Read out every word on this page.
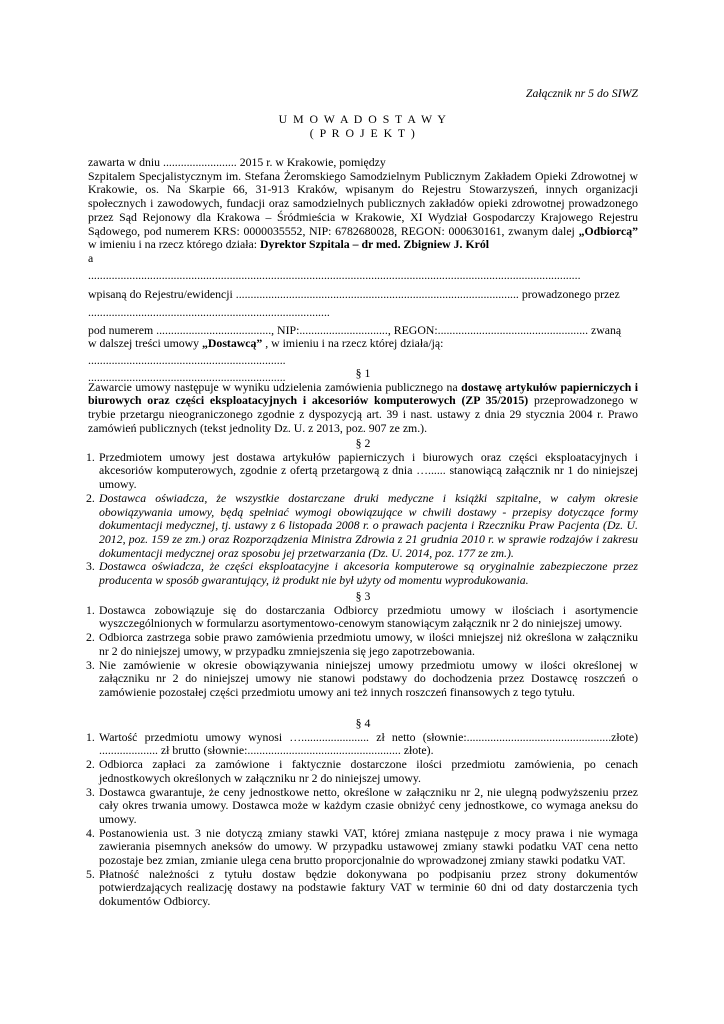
Załącznik nr 5 do SIWZ
U M O W A D O S T A W Y
( P R O J E K T )

zawarta w dniu ......................... 2015 r. w Krakowie, pomiędzy

Szpitalem Specjalistycznym im. Stefana Żeromskiego Samodzielnym Publicznym Zakładem Opieki Zdrowotnej w Krakowie, os. Na Skarpie 66, 31-913 Kraków, wpisanym do Rejestru Stowarzyszeń, innych organizacji społecznych i zawodowych, fundacji oraz samodzielnych publicznych zakładów opieki zdrowotnej prowadzonego przez Sąd Rejonowy dla Krakowa – Śródmieścia w Krakowie, XI Wydział Gospodarczy Krajowego Rejestru Sądowego, pod numerem KRS: 0000035552, NIP: 6782680028, REGON: 000630161, zwanym dalej „Odbiorcą” w imieniu i na rzecz którego działa: Dyrektor Szpitala – dr med. Zbigniew J. Król

a

.......................................................................................................................................................................

wpisaną do Rejestru/ewidencji ................................................................................................ prowadzonego przez

..................................................................................

pod numerem ......................................., NIP:.............................., REGON:................................................... zwaną

w dalszej treści umowy „Dostawcą” , w imieniu i na rzecz której działa/ją:

...................................................................

...................................................................	§ 1

Zawarcie umowy następuje w wyniku udzielenia zamówienia publicznego na dostawę artykułów papierniczych i biurowych oraz części eksploatacyjnych i akcesoriów komputerowych (ZP 35/2015) przeprowadzonego w trybie przetargu nieograniczonego zgodnie z dyspozycją art. 39 i nast. ustawy z dnia 29 stycznia 2004 r. Prawo zamówień publicznych (tekst jednolity Dz. U. z 2013, poz. 907 ze zm.).

§ 2

1. Przedmiotem umowy jest dostawa artykułów papierniczych i biurowych oraz części eksploatacyjnych i akcesoriów komputerowych, zgodnie z ofertą przetargową z dnia …...... stanowiącą załącznik nr 1 do niniejszej umowy.
2. Dostawca oświadcza, że wszystkie dostarczane druki medyczne i książki szpitalne, w całym okresie obowiązywania umowy, będą spełniać wymogi obowiązujące w chwili dostawy - przepisy dotyczące formy dokumentacji medycznej, tj. ustawy z 6 listopada 2008 r. o prawach pacjenta i Rzeczniku Praw Pacjenta (Dz. U. 2012, poz. 159 ze zm.) oraz Rozporządzenia Ministra Zdrowia z 21 grudnia 2010 r. w sprawie rodzajów i zakresu dokumentacji medycznej oraz sposobu jej przetwarzania (Dz. U. 2014, poz. 177 ze zm.).
3. Dostawca oświadcza, że części eksploatacyjne i akcesoria komputerowe są oryginalnie zabezpieczone przez producenta w sposób gwarantujący, iż produkt nie był użyty od momentu wyprodukowania.

§ 3

1. Dostawca zobowiązuje się do dostarczania Odbiorcy przedmiotu umowy w ilościach i asortymencie wyszczególnionych w formularzu asortymentowo-cenowym stanowiącym załącznik nr 2 do niniejszej umowy.
2. Odbiorca zastrzega sobie prawo zamówienia przedmiotu umowy, w ilości mniejszej niż określona w załączniku nr 2 do niniejszej umowy, w przypadku zmniejszenia się jego zapotrzebowania.
3. Nie zamówienie w okresie obowiązywania niniejszej umowy przedmiotu umowy w ilości określonej w załączniku nr 2 do niniejszej umowy nie stanowi podstawy do dochodzenia przez Dostawcę roszczeń o zamówienie pozostałej części przedmiotu umowy ani też innych roszczeń finansowych z tego tytułu.

§ 4

1. Wartość przedmiotu umowy wynosi …....................... zł netto (słownie:.................................................złote) .................... zł brutto (słownie:.................................................... złote).
2. Odbiorca zapłaci za zamówione i faktycznie dostarczone ilości przedmiotu zamówienia, po cenach jednostkowych określonych w załączniku nr 2 do niniejszej umowy.
3. Dostawca gwarantuje, że ceny jednostkowe netto, określone w załączniku nr 2, nie ulegną podwyższeniu przez cały okres trwania umowy. Dostawca może w każdym czasie obniżyć ceny jednostkowe, co wymaga aneksu do umowy.
4. Postanowienia ust. 3 nie dotyczą zmiany stawki VAT, której zmiana następuje z mocy prawa i nie wymaga zawierania pisemnych aneksów do umowy. W przypadku ustawowej zmiany stawki podatku VAT cena netto pozostaje bez zmian, zmianie ulega cena brutto proporcjonalnie do wprowadzonej zmiany stawki podatku VAT.
5. Płatność należności z tytułu dostaw będzie dokonywana po podpisaniu przez strony dokumentów potwierdzających realizację dostawy na podstawie faktury VAT w terminie 60 dni od daty dostarczenia tych dokumentów Odbiorcy.
